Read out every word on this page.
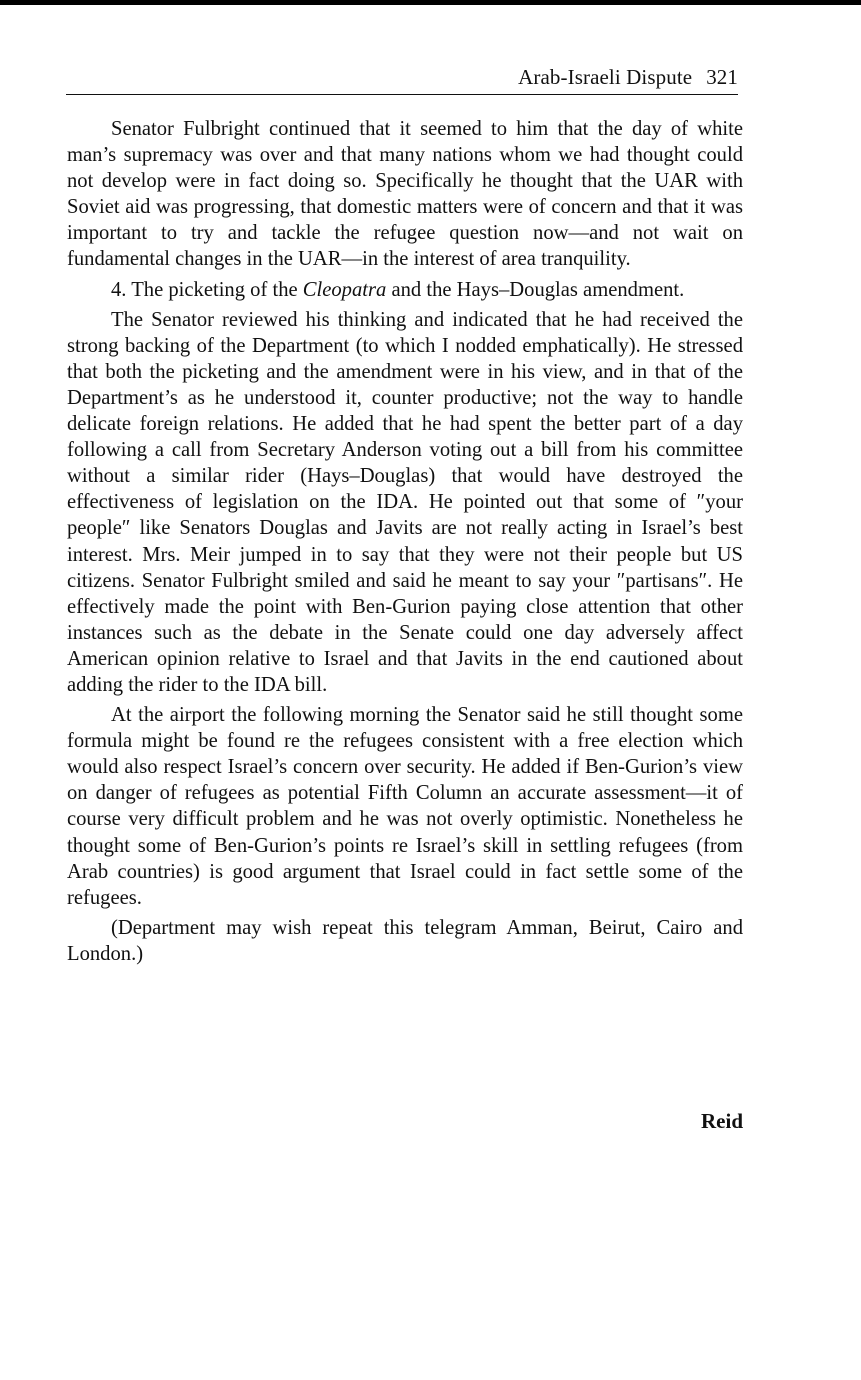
Arab-Israeli Dispute 321

Senator Fulbright continued that it seemed to him that the day of white man’s supremacy was over and that many nations whom we had thought could not develop were in fact doing so. Specifically he thought that the UAR with Soviet aid was progressing, that domestic matters were of concern and that it was important to try and tackle the refugee question now—and not wait on fundamental changes in the UAR—in the interest of area tranquility.

4. The picketing of the Cleopatra and the Hays–Douglas amendment.

The Senator reviewed his thinking and indicated that he had received the strong backing of the Department (to which I nodded emphatically). He stressed that both the picketing and the amendment were in his view, and in that of the Department’s as he understood it, counter productive; not the way to handle delicate foreign relations. He added that he had spent the better part of a day following a call from Secretary Anderson voting out a bill from his committee without a similar rider (Hays–Douglas) that would have destroyed the effectiveness of legislation on the IDA. He pointed out that some of ″your people″ like Senators Douglas and Javits are not really acting in Israel’s best interest. Mrs. Meir jumped in to say that they were not their people but US citizens. Senator Fulbright smiled and said he meant to say your ″partisans″. He effectively made the point with Ben-Gurion paying close attention that other instances such as the debate in the Senate could one day adversely affect American opinion relative to Israel and that Javits in the end cautioned about adding the rider to the IDA bill.

At the airport the following morning the Senator said he still thought some formula might be found re the refugees consistent with a free election which would also respect Israel’s concern over security. He added if Ben-Gurion’s view on danger of refugees as potential Fifth Column an accurate assessment—it of course very difficult problem and he was not overly optimistic. Nonetheless he thought some of Ben-Gurion’s points re Israel’s skill in settling refugees (from Arab countries) is good argument that Israel could in fact settle some of the refugees.

(Department may wish repeat this telegram Amman, Beirut, Cairo and London.)

Reid
